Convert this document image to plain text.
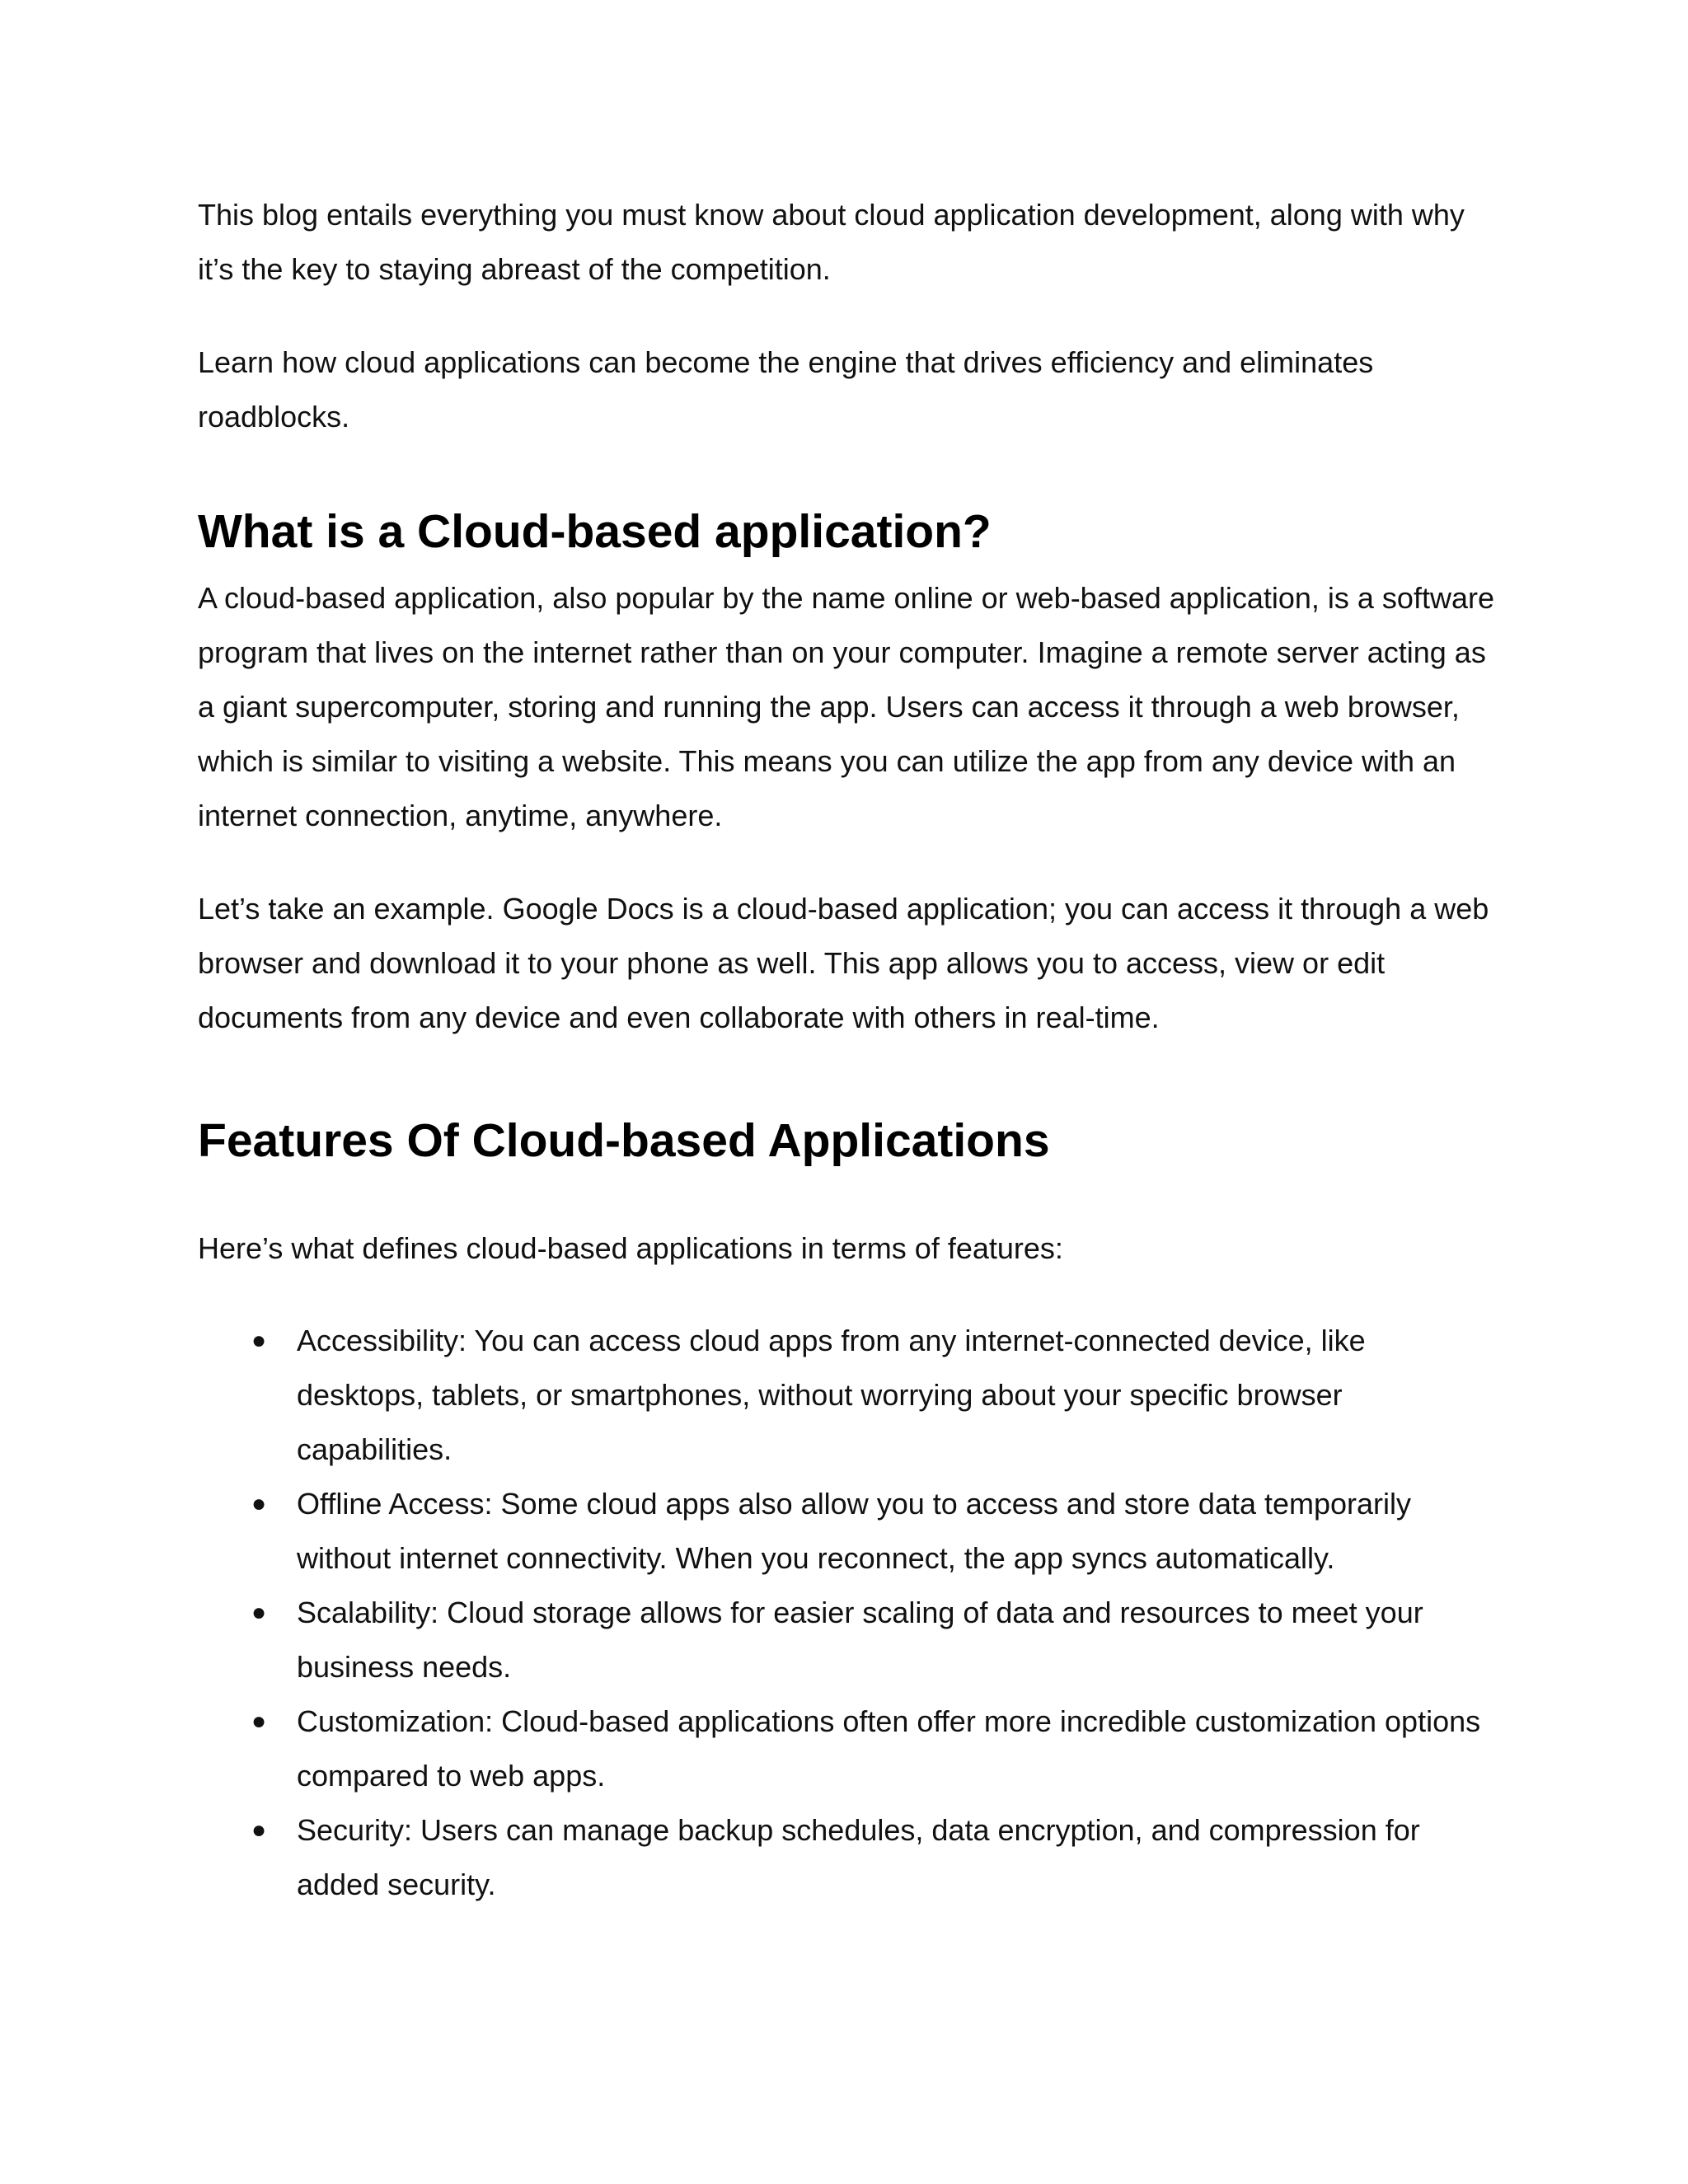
This blog entails everything you must know about cloud application development, along with why it’s the key to staying abreast of the competition.

Learn how cloud applications can become the engine that drives efficiency and eliminates roadblocks.

What is a Cloud-based application?

A cloud-based application, also popular by the name online or web-based application, is a software program that lives on the internet rather than on your computer. Imagine a remote server acting as a giant supercomputer, storing and running the app. Users can access it through a web browser, which is similar to visiting a website. This means you can utilize the app from any device with an internet connection, anytime, anywhere.

Let’s take an example. Google Docs is a cloud-based application; you can access it through a web browser and download it to your phone as well. This app allows you to access, view or edit documents from any device and even collaborate with others in real-time.

Features Of Cloud-based Applications

Here’s what defines cloud-based applications in terms of features:

● Accessibility: You can access cloud apps from any internet-connected device, like desktops, tablets, or smartphones, without worrying about your specific browser capabilities.
● Offline Access: Some cloud apps also allow you to access and store data temporarily without internet connectivity. When you reconnect, the app syncs automatically.
● Scalability: Cloud storage allows for easier scaling of data and resources to meet your business needs.
● Customization: Cloud-based applications often offer more incredible customization options compared to web apps.
● Security: Users can manage backup schedules, data encryption, and compression for added security.
